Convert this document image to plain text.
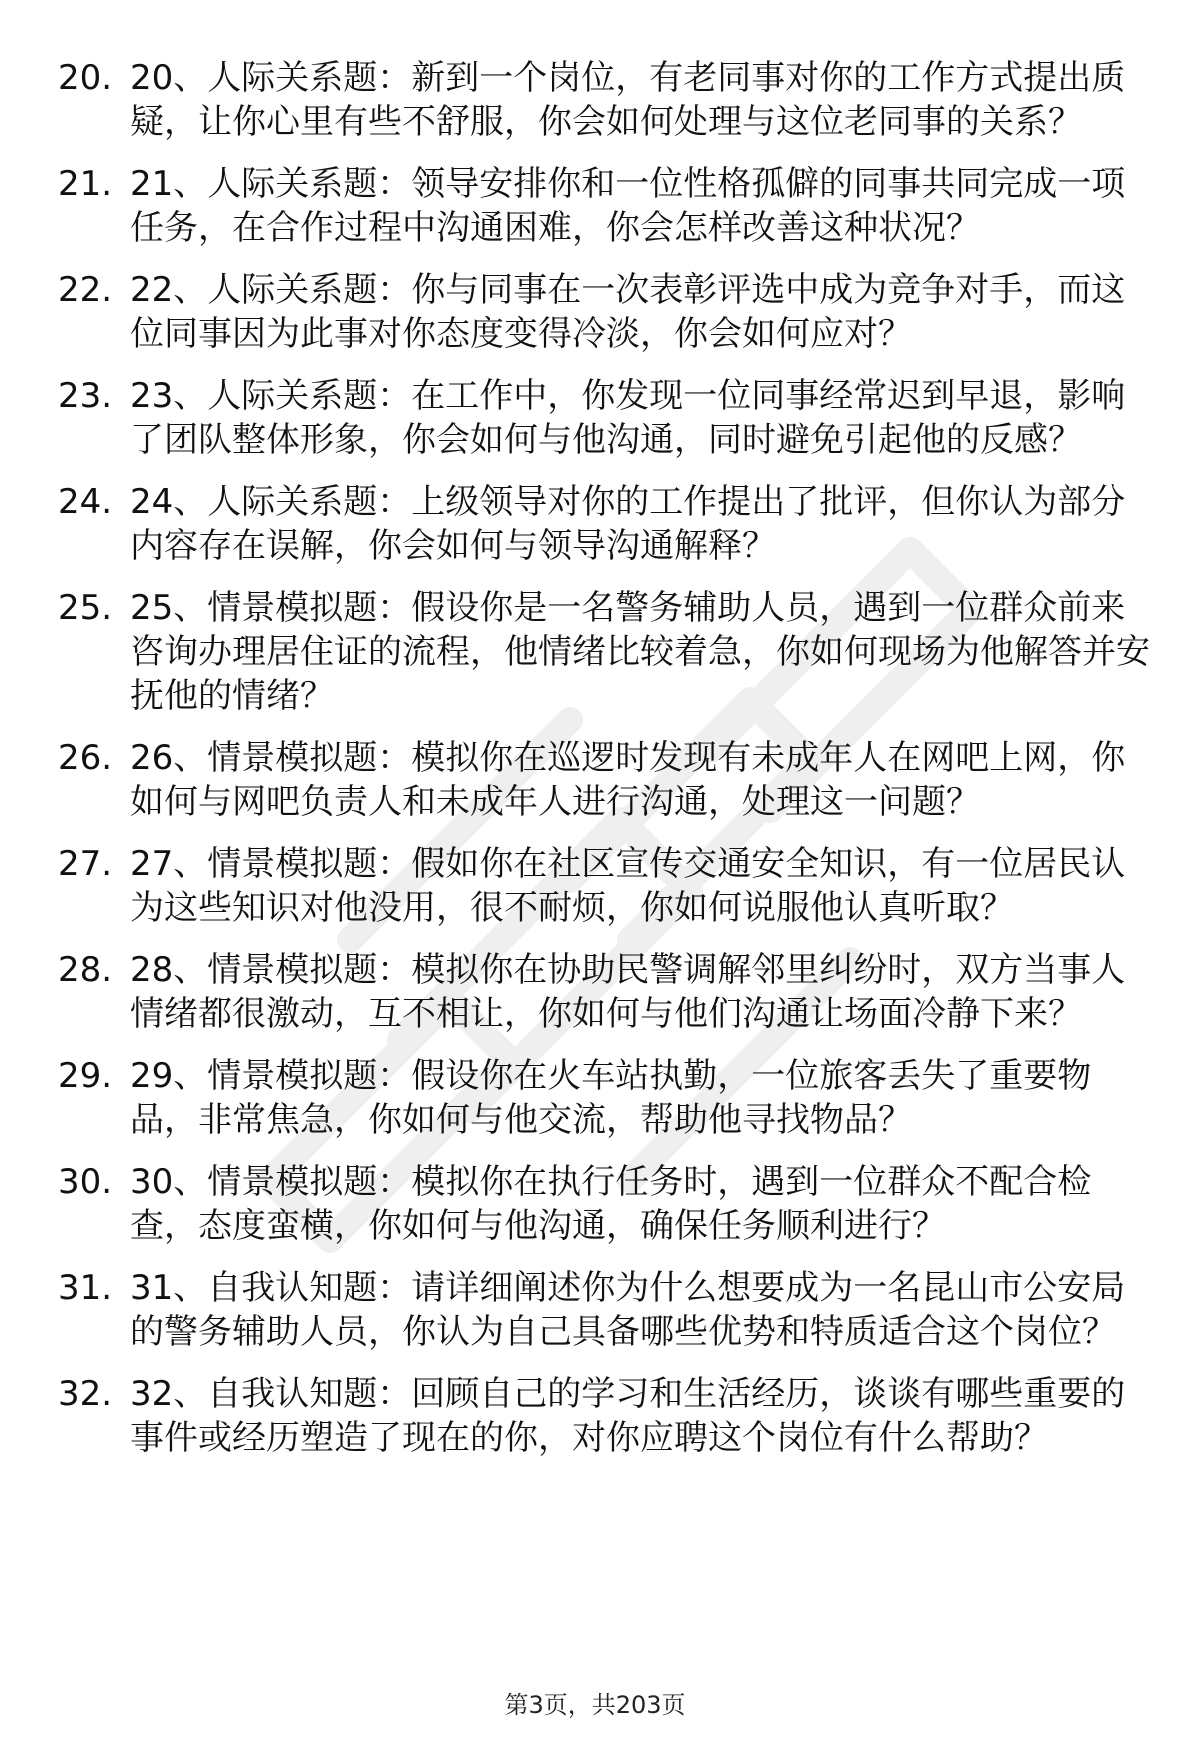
20. 20、人际关系题：新到一个岗位，有老同事对你的工作方式提出质疑，让你心里有些不舒服，你会如何处理与这位老同事的关系？
21. 21、人际关系题：领导安排你和一位性格孤僻的同事共同完成一项任务，在合作过程中沟通困难，你会怎样改善这种状况？
22. 22、人际关系题：你与同事在一次表彰评选中成为竞争对手，而这位同事因为此事对你态度变得冷淡，你会如何应对？
23. 23、人际关系题：在工作中，你发现一位同事经常迟到早退，影响了团队整体形象，你会如何与他沟通，同时避免引起他的反感？
24. 24、人际关系题：上级领导对你的工作提出了批评，但你认为部分内容存在误解，你会如何与领导沟通解释？
25. 25、情景模拟题：假设你是一名警务辅助人员，遇到一位群众前来咨询办理居住证的流程，他情绪比较着急，你如何现场为他解答并安抚他的情绪？
26. 26、情景模拟题：模拟你在巡逻时发现有未成年人在网吧上网，你如何与网吧负责人和未成年人进行沟通，处理这一问题？
27. 27、情景模拟题：假如你在社区宣传交通安全知识，有一位居民认为这些知识对他没用，很不耐烦，你如何说服他认真听取？
28. 28、情景模拟题：模拟你在协助民警调解邻里纠纷时，双方当事人情绪都很激动，互不相让，你如何与他们沟通让场面冷静下来？
29. 29、情景模拟题：假设你在火车站执勤，一位旅客丢失了重要物品，非常焦急，你如何与他交流，帮助他寻找物品？
30. 30、情景模拟题：模拟你在执行任务时，遇到一位群众不配合检查，态度蛮横，你如何与他沟通，确保任务顺利进行？
31. 31、自我认知题：请详细阐述你为什么想要成为一名昆山市公安局的警务辅助人员，你认为自己具备哪些优势和特质适合这个岗位？
32. 32、自我认知题：回顾自己的学习和生活经历，谈谈有哪些重要的事件或经历塑造了现在的你，对你应聘这个岗位有什么帮助？
第3页，共203页
